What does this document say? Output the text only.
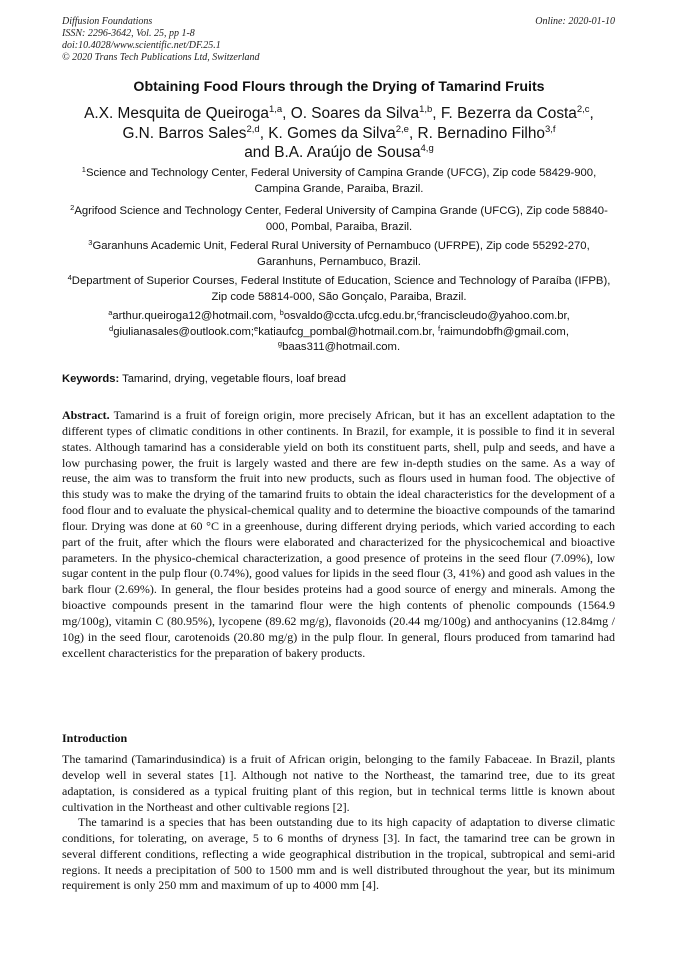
Diffusion Foundations
ISSN: 2296-3642, Vol. 25, pp 1-8
doi:10.4028/www.scientific.net/DF.25.1
© 2020 Trans Tech Publications Ltd, Switzerland
Online: 2020-01-10
Obtaining Food Flours through the Drying of Tamarind Fruits
A.X. Mesquita de Queiroga$^{1,a}$, O. Soares da Silva$^{1,b}$, F. Bezerra da Costa$^{2,c}$,
G.N. Barros Sales$^{2,d}$, K. Gomes da Silva$^{2,e}$, R. Bernadino Filho$^{3,f}$
and B.A. Araújo de Sousa$^{4,g}$
$^1$Science and Technology Center, Federal University of Campina Grande (UFCG), Zip code 58429-900, Campina Grande, Paraiba, Brazil.
$^2$Agrifood Science and Technology Center, Federal University of Campina Grande (UFCG), Zip code 58840-000, Pombal, Paraiba, Brazil.
$^3$Garanhuns Academic Unit, Federal Rural University of Pernambuco (UFRPE), Zip code 55292-270, Garanhuns, Pernambuco, Brazil.
$^4$Department of Superior Courses, Federal Institute of Education, Science and Technology of Paraíba (IFPB), Zip code 58814-000, São Gonçalo, Paraiba, Brazil.
$^a$arthur.queiroga12@hotmail.com, $^b$osvaldo@ccta.ufcg.edu.br,$^c$franciscleudo@yahoo.com.br, $^d$giulianasales@outlook.com;$^e$katiaufcg_pombal@hotmail.com.br, $^f$raimundobfh@gmail.com,
$^g$baas311@hotmail.com.
Keywords: Tamarind, drying, vegetable flours, loaf bread
Abstract. Tamarind is a fruit of foreign origin, more precisely African, but it has an excellent adaptation to the different types of climatic conditions in other continents. In Brazil, for example, it is possible to find it in several states. Although tamarind has a considerable yield on both its constituent parts, shell, pulp and seeds, and have a low purchasing power, the fruit is largely wasted and there are few in-depth studies on the same. As a way of reuse, the aim was to transform the fruit into new products, such as flours used in human food. The objective of this study was to make the drying of the tamarind fruits to obtain the ideal characteristics for the development of a food flour and to evaluate the physical-chemical quality and to determine the bioactive compounds of the tamarind flour. Drying was done at 60 °C in a greenhouse, during different drying periods, which varied according to each part of the fruit, after which the flours were elaborated and characterized for the physicochemical and bioactive parameters. In the physico-chemical characterization, a good presence of proteins in the seed flour (7.09%), low sugar content in the pulp flour (0.74%), good values for lipids in the seed flour (3, 41%) and good ash values in the bark flour (2.69%). In general, the flour besides proteins had a good source of energy and minerals. Among the bioactive compounds present in the tamarind flour were the high contents of phenolic compounds (1564.9 mg/100g), vitamin C (80.95%), lycopene (89.62 mg/g), flavonoids (20.44 mg/100g) and anthocyanins (12.84mg / 10g) in the seed flour, carotenoids (20.80 mg/g) in the pulp flour. In general, flours produced from tamarind had excellent characteristics for the preparation of bakery products.
Introduction
The tamarind (Tamarindusindica) is a fruit of African origin, belonging to the family Fabaceae. In Brazil, plants develop well in several states [1]. Although not native to the Northeast, the tamarind tree, due to its great adaptation, is considered as a typical fruiting plant of this region, but in technical terms little is known about cultivation in the Northeast and other cultivable regions [2].
The tamarind is a species that has been outstanding due to its high capacity of adaptation to diverse climatic conditions, for tolerating, on average, 5 to 6 months of dryness [3]. In fact, the tamarind tree can be grown in several different conditions, reflecting a wide geographical distribution in the tropical, subtropical and semi-arid regions. It needs a precipitation of 500 to 1500 mm and is well distributed throughout the year, but its minimum requirement is only 250 mm and maximum of up to 4000 mm [4].
